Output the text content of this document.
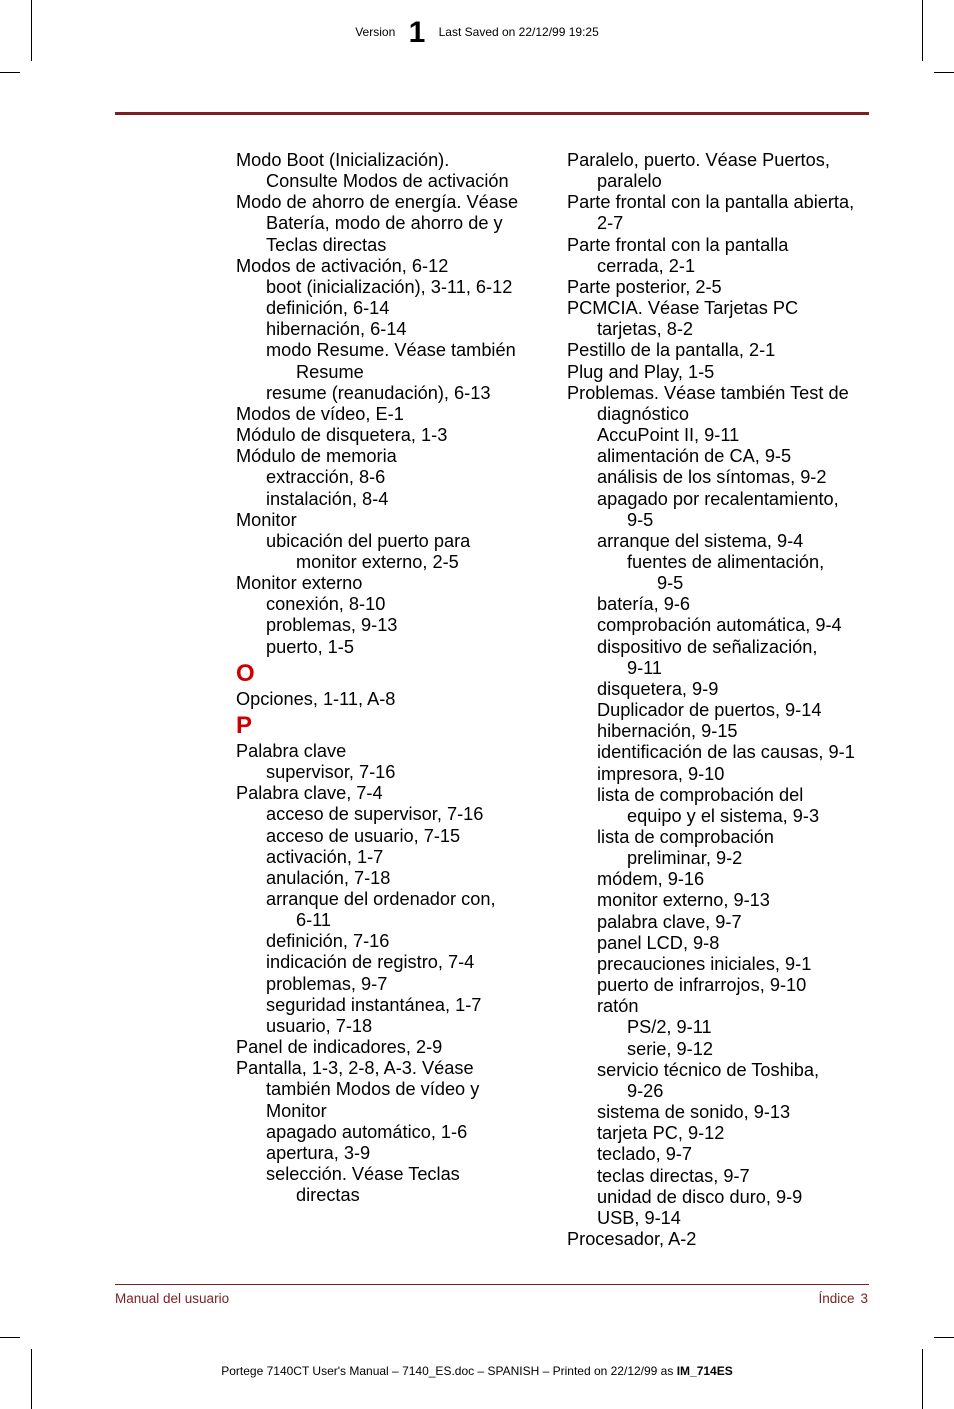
Version 1 Last Saved on 22/12/99 19:25
Modo Boot (Inicialización).
Consulte Modos de activación
Modo de ahorro de energía. Véase
Batería, modo de ahorro de y
Teclas directas
Modos de activación, 6-12
boot (inicialización), 3-11, 6-12
definición, 6-14
hibernación, 6-14
modo Resume. Véase también
Resume
resume (reanudación), 6-13
Modos de vídeo, E-1
Módulo de disquetera, 1-3
Módulo de memoria
extracción, 8-6
instalación, 8-4
Monitor
ubicación del puerto para
monitor externo, 2-5
Monitor externo
conexión, 8-10
problemas, 9-13
puerto, 1-5
O
Opciones, 1-11, A-8
P
Palabra clave
supervisor, 7-16
Palabra clave, 7-4
acceso de supervisor, 7-16
acceso de usuario, 7-15
activación, 1-7
anulación, 7-18
arranque del ordenador con,
6-11
definición, 7-16
indicación de registro, 7-4
problemas, 9-7
seguridad instantánea, 1-7
usuario, 7-18
Panel de indicadores, 2-9
Pantalla, 1-3, 2-8, A-3. Véase
también Modos de vídeo y
Monitor
apagado automático, 1-6
apertura, 3-9
selección. Véase Teclas
directas
Paralelo, puerto. Véase Puertos,
paralelo
Parte frontal con la pantalla abierta,
2-7
Parte frontal con la pantalla
cerrada, 2-1
Parte posterior, 2-5
PCMCIA. Véase Tarjetas PC
tarjetas, 8-2
Pestillo de la pantalla, 2-1
Plug and Play, 1-5
Problemas. Véase también Test de
diagnóstico
AccuPoint II, 9-11
alimentación de CA, 9-5
análisis de los síntomas, 9-2
apagado por recalentamiento,
9-5
arranque del sistema, 9-4
fuentes de alimentación,
9-5
batería, 9-6
comprobación automática, 9-4
dispositivo de señalización,
9-11
disquetera, 9-9
Duplicador de puertos, 9-14
hibernación, 9-15
identificación de las causas, 9-1
impresora, 9-10
lista de comprobación del
equipo y el sistema, 9-3
lista de comprobación
preliminar, 9-2
módem, 9-16
monitor externo, 9-13
palabra clave, 9-7
panel LCD, 9-8
precauciones iniciales, 9-1
puerto de infrarrojos, 9-10
ratón
PS/2, 9-11
serie, 9-12
servicio técnico de Toshiba,
9-26
sistema de sonido, 9-13
tarjeta PC, 9-12
teclado, 9-7
teclas directas, 9-7
unidad de disco duro, 9-9
USB, 9-14
Procesador, A-2
Manual del usuario	Índice 3
Portege 7140CT User's Manual – 7140_ES.doc – SPANISH – Printed on 22/12/99 as IM_714ES
